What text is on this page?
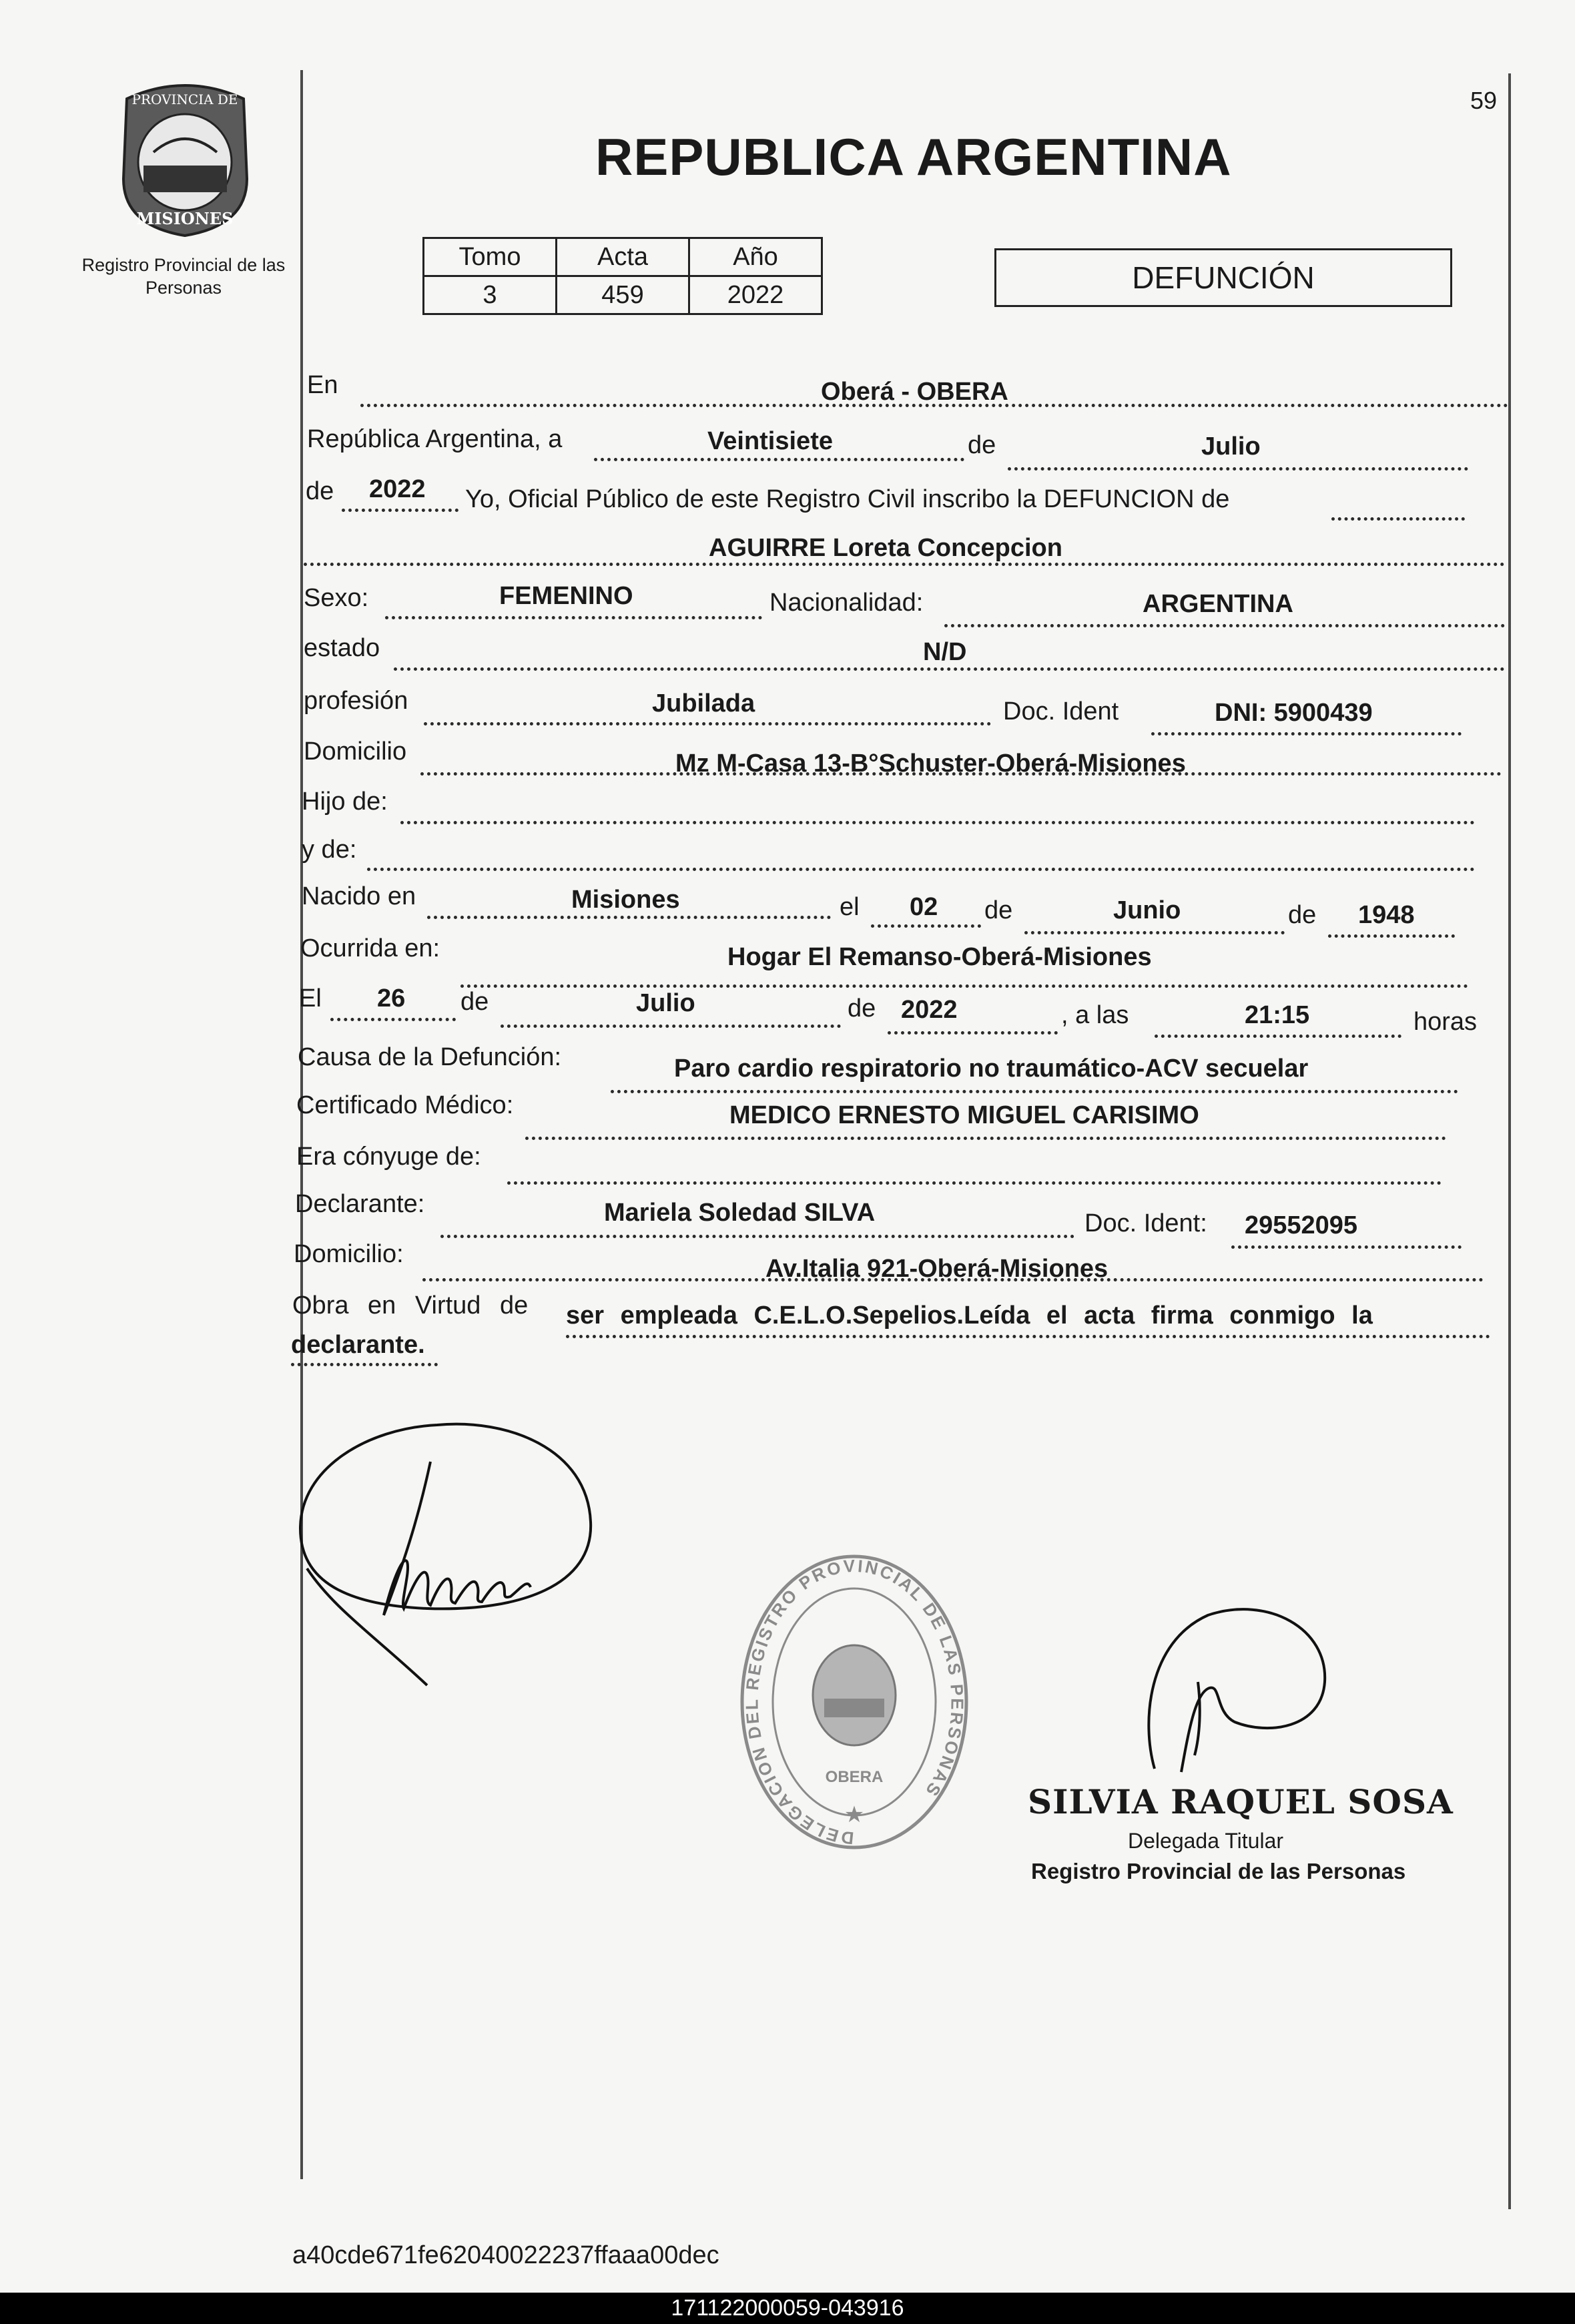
59
REPUBLICA ARGENTINA
PROVINCIA DE
MISIONES
Registro Provincial de las Personas
Tomo	Acta	Año
3	459	2022	DEFUNCIÓN
En	Oberá - OBERA
República Argentina, a	Veintisiete	de	Julio
de 2022 Yo, Oficial Público de este Registro Civil inscribo la DEFUNCION de
AGUIRRE Loreta Concepcion
Sexo:	FEMENINO	Nacionalidad:	ARGENTINA
estado	N/D
profesión	Jubilada	Doc. Ident	DNI: 5900439
Domicilio	Mz M-Casa 13-B°Schuster-Oberá-Misiones
Hijo de:
y de:
Nacido en	Misiones	el 02 de	Junio	de 1948
Ocurrida en:	Hogar El Remanso-Oberá-Misiones
El 26 de	Julio	de 2022	, a las	21:15	horas
Causa de la Defunción:	Paro cardio respiratorio no traumático-ACV secuelar
Certificado Médico:	MEDICO ERNESTO MIGUEL CARISIMO
Era cónyuge de:
Declarante:	Mariela Soledad SILVA	Doc. Ident: 29552095
Domicilio:
Av.Italia 921-Oberá-Misiones
Obra en Virtud de ser empleada C.E.L.O.Sepelios.Leída el acta firma conmigo la
declarante.
DELEGACION DEL REGISTRO PROVINCIAL DE LAS PERSONAS
OBERA
★	SILVIA RAQUEL SOSA
Delegada Titular
Registro Provincial de las Personas
a40cde671fe62040022237ffaaa00dec
171122000059-043916
